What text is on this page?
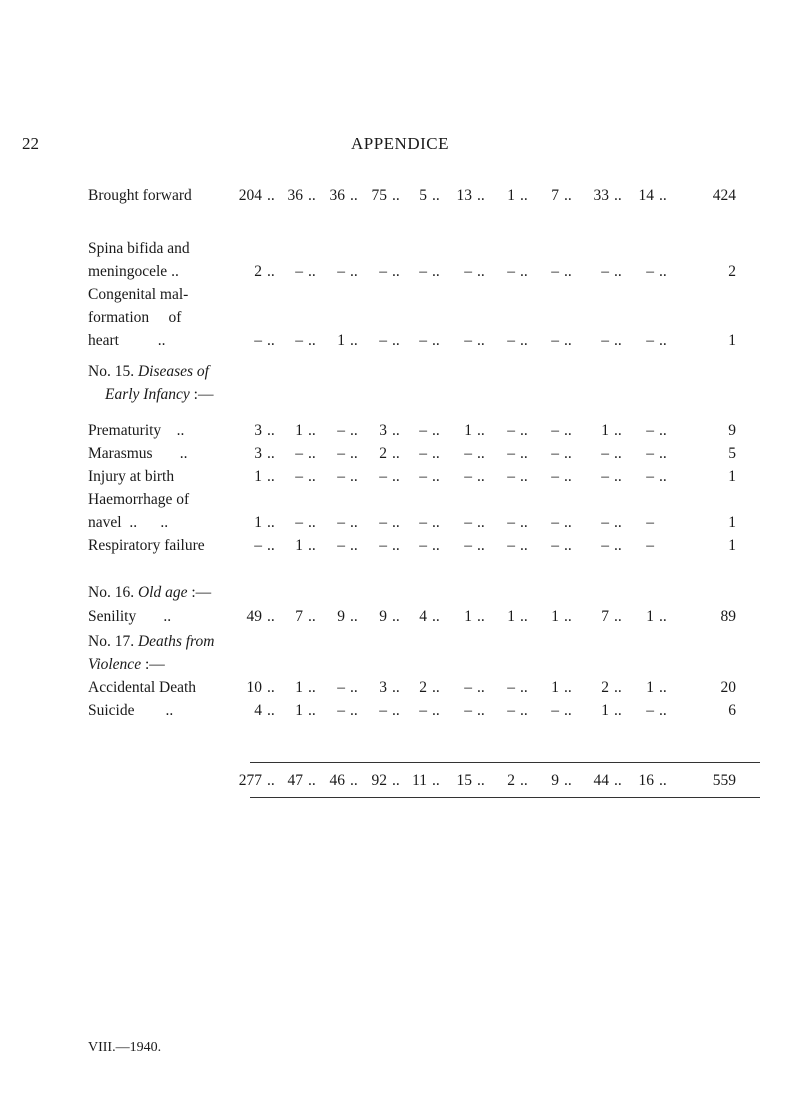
22	APPENDICE
No. 15. Diseases of
Early Infancy :—
No. 16. Old age :—
No. 17. Deaths from
Violence :—
Brought forward	204 .. 36 .. 36 .. 75 ..	5 ..	13 ..	1 ..	7 ..	33 ..	14 ..	424
Spina bifida and
meningocele ..	2 ..	– ..	– ..	– ..	– ..	– ..	– ..	– ..	– ..	– ..	2
Congenital mal-
formation     of
heart          ..	– ..	– ..	1 ..	– ..	– ..	– ..	– ..	– ..	– ..	– ..	1
Prematurity    ..	3 ..	1 ..	– ..	3 ..	– ..	1 ..	– ..	– ..	1 ..	– ..	9
Marasmus       ..	3 ..	– ..	– ..	2 ..	– ..	– ..	– ..	– ..	– ..	– ..	5
Injury at birth	1 ..	– ..	– ..	– ..	– ..	– ..	– ..	– ..	– ..	– ..	1
Haemorrhage of
navel  ..      ..	1 ..	– ..	– ..	– ..	– ..	– ..	– ..	– ..	– ..	–	1
Respiratory failure	– ..	1 ..	– ..	– ..	– ..	– ..	– ..	– ..	– ..	–	1
Senility       ..	49 ..	7 ..	9 ..	9 ..	4 ..	1 ..	1 ..	1 ..	7 ..	1 ..	89
Accidental Death	10 ..	1 ..	– ..	3 ..	2 ..	– ..	– ..	1 ..	2 ..	1 ..	20
Suicide        ..	4 ..	1 ..	– ..	– ..	– ..	– ..	– ..	– ..	1 ..	– ..	6
277 .. 47 .. 46 .. 92 .. 11 ..	15 ..	2 ..	9 ..	44 ..	16 ..	559
VIII.—1940.
